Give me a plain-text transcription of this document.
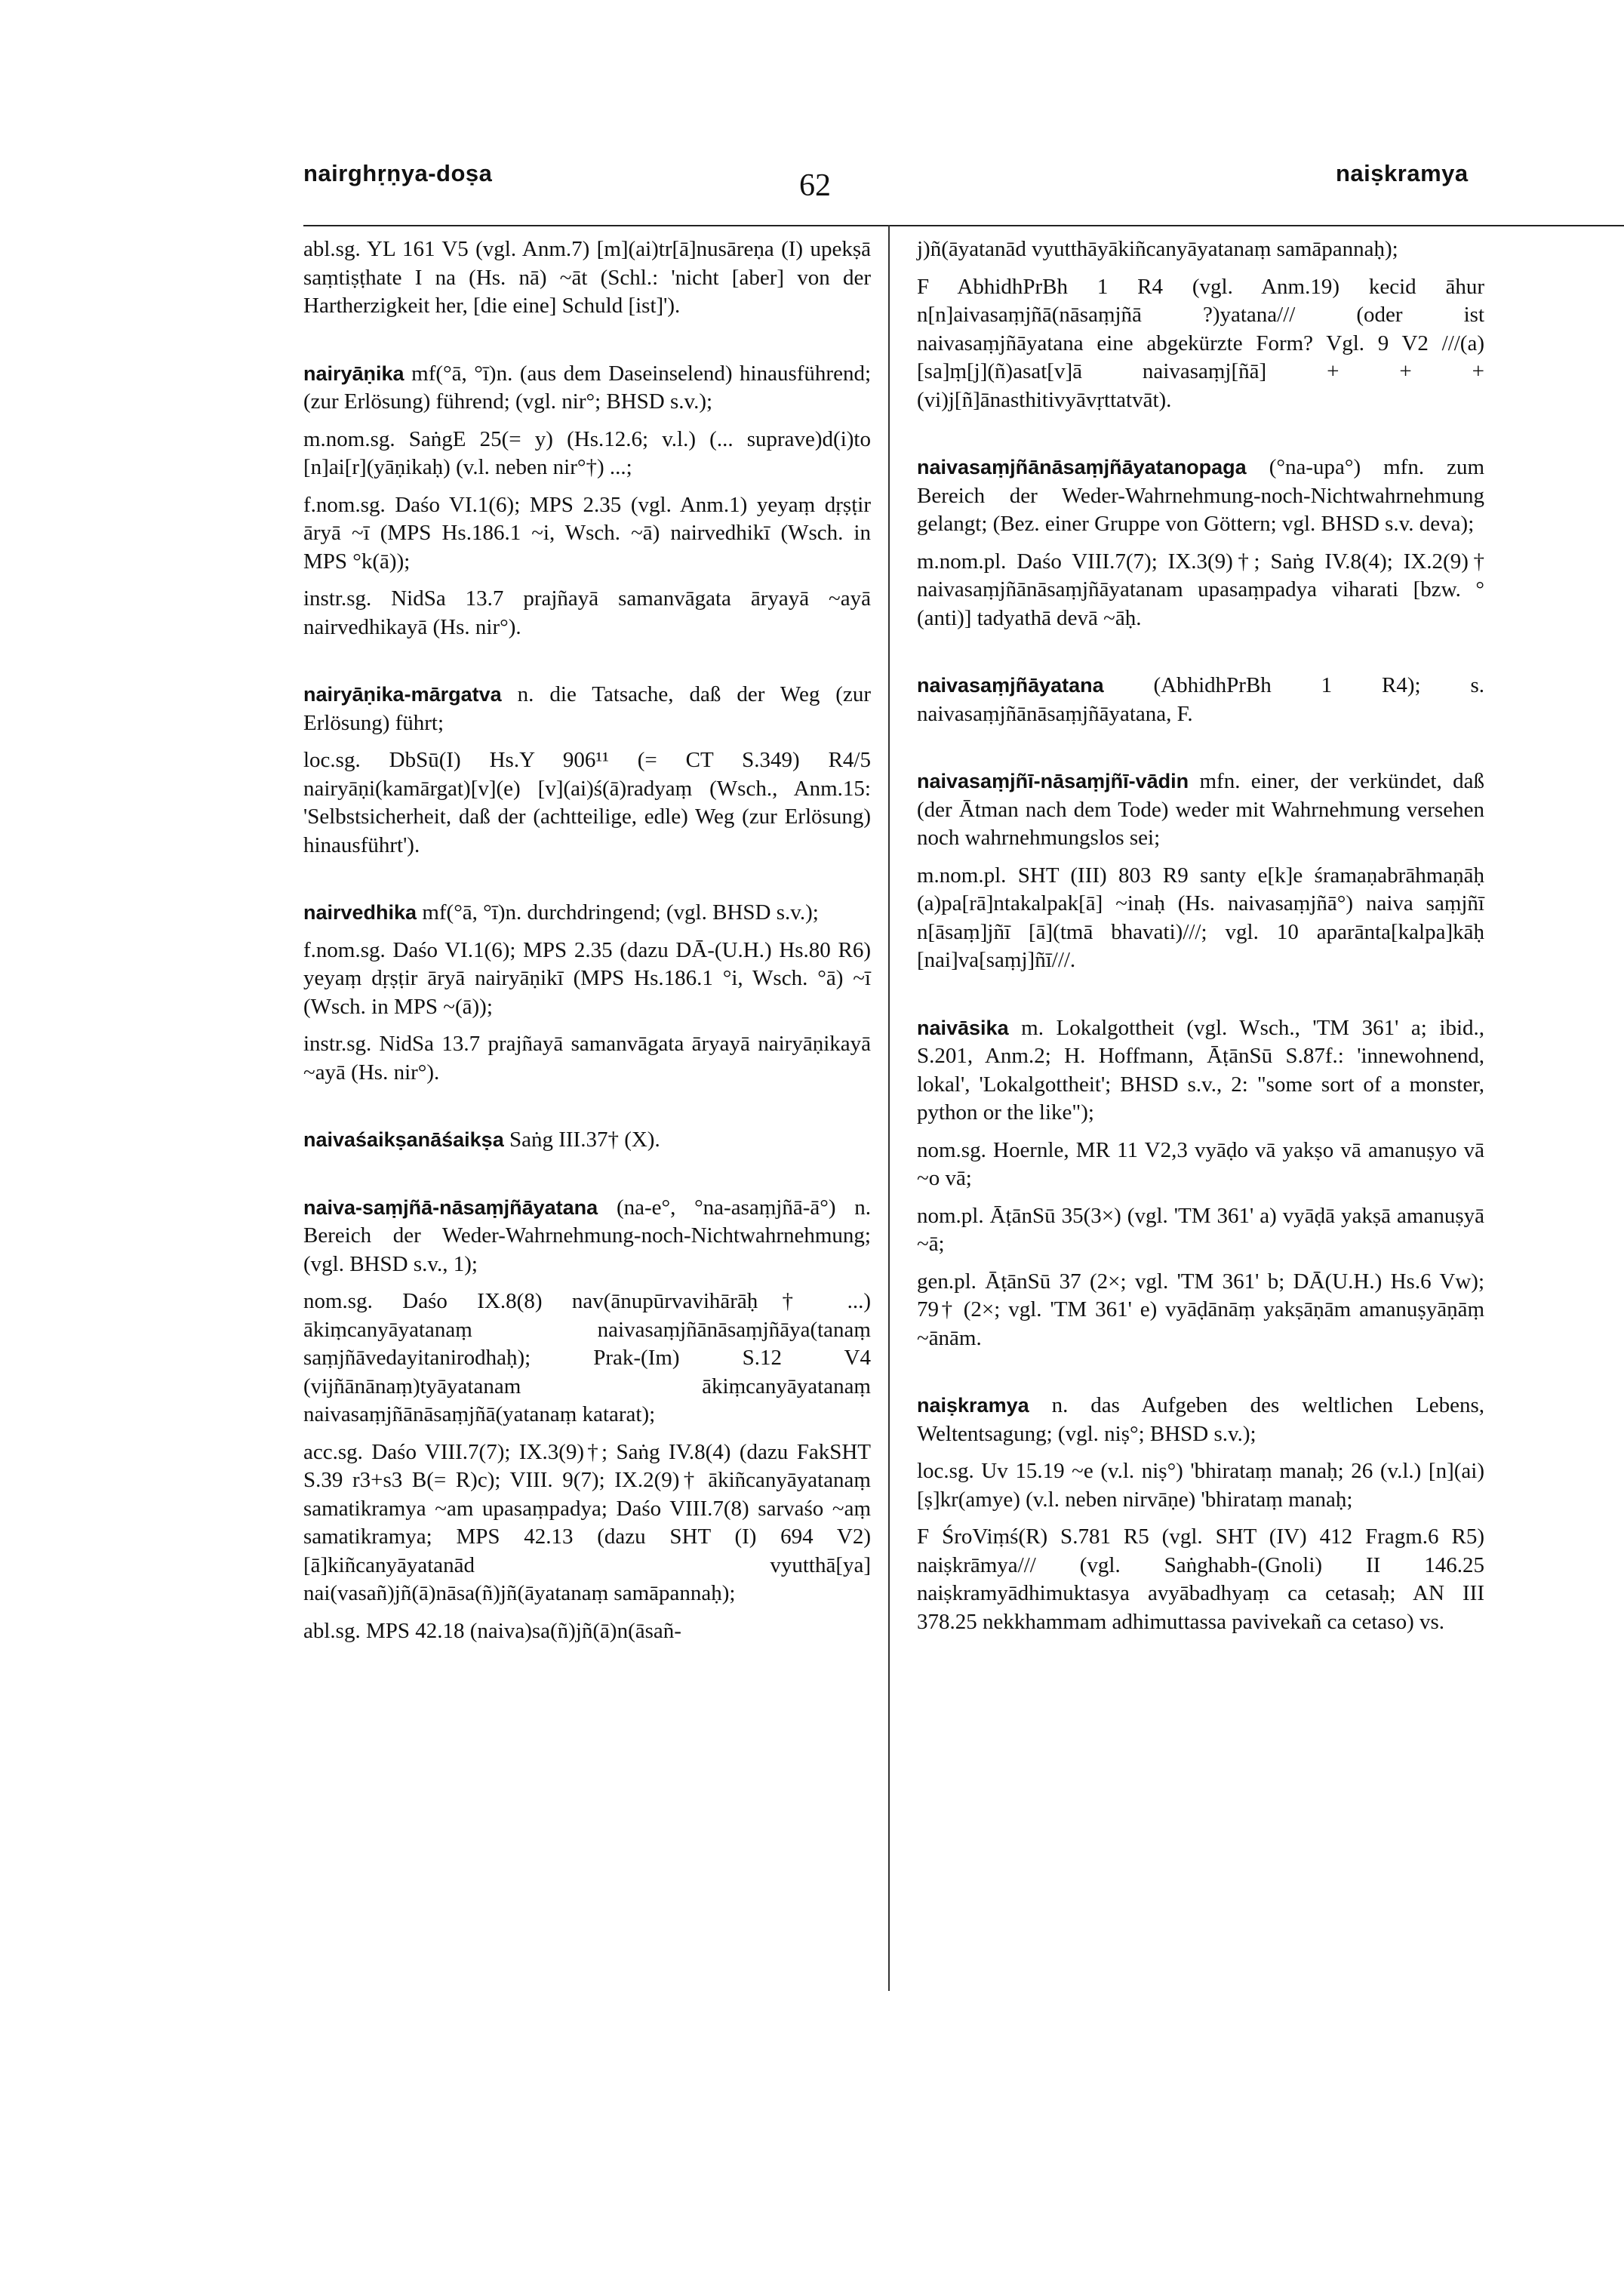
nairghṛṇya-doṣa	62	naiṣkramya

abl.sg. YL 161 V5 (vgl. Anm.7) [m](ai)tr[ā]nusāreṇa (I) upekṣā saṃtiṣṭhate I na (Hs. nā) ~āt (Schl.: 'nicht [aber] von der Hartherzigkeit her, [die eine] Schuld [ist]').

nairyāṇika mf(°ā, °ī)n. (aus dem Daseinselend) hinausführend; (zur Erlösung) führend; (vgl. nir°; BHSD s.v.);

m.nom.sg. SaṅgE 25(= y) (Hs.12.6; v.l.) (... suprave)d(i)to [n]ai[r](yāṇikaḥ) (v.l. neben nir°†) ...;

f.nom.sg. Daśo VI.1(6); MPS 2.35 (vgl. Anm.1) yeyaṃ dṛṣṭir āryā ~ī (MPS Hs.186.1 ~i, Wsch. ~ā) nairvedhikī (Wsch. in MPS °k(ā));

instr.sg. NidSa 13.7 prajñayā samanvāgata āryayā ~ayā nairvedhikayā (Hs. nir°).

nairyāṇika-mārgatva n. die Tatsache, daß der Weg (zur Erlösung) führt;

loc.sg. DbSū(I) Hs.Y 906¹¹ (= CT S.349) R4/5 nairyāṇi(kamārgat)[v](e) [v](ai)ś(ā)radyaṃ (Wsch., Anm.15: 'Selbstsicherheit, daß der (achtteilige, edle) Weg (zur Erlösung) hinausführt').

nairvedhika mf(°ā, °ī)n. durchdringend; (vgl. BHSD s.v.);

f.nom.sg. Daśo VI.1(6); MPS 2.35 (dazu DĀ-(U.H.) Hs.80 R6) yeyaṃ dṛṣṭir āryā nairyāṇikī (MPS Hs.186.1 °i, Wsch. °ā) ~ī (Wsch. in MPS ~(ā));

instr.sg. NidSa 13.7 prajñayā samanvāgata āryayā nairyāṇikayā ~ayā (Hs. nir°).

naivaśaikṣanāśaikṣa Saṅg III.37† (X).

naiva-saṃjñā-nāsaṃjñāyatana (na-e°, °na-asaṃjñā-ā°) n. Bereich der Weder-Wahrnehmung-noch-Nichtwahrnehmung; (vgl. BHSD s.v., 1);

nom.sg. Daśo IX.8(8) nav(ānupūrvavihārāḥ† ...) ākiṃcanyāyatanaṃ naivasaṃjñānāsaṃjñāya(tanaṃ saṃjñāvedayitanirodhaḥ); Prak-(Im) S.12 V4 (vijñānānaṃ)tyāyatanam ākiṃcanyāyatanaṃ naivasaṃjñānāsaṃjñā(yatanaṃ katarat);

acc.sg. Daśo VIII.7(7); IX.3(9)†; Saṅg IV.8(4) (dazu FakSHT S.39 r3+s3 B(= R)c); VIII. 9(7); IX.2(9)† ākiñcanyāyatanaṃ samatikramya ~am upasaṃpadya; Daśo VIII.7(8) sarvaśo ~aṃ samatikramya; MPS 42.13 (dazu SHT (I) 694 V2) [ā]kiñcanyāyatanād vyutthā[ya] nai(vasañ)jñ(ā)nāsa(ñ)jñ(āyatanaṃ samāpannaḥ);

abl.sg. MPS 42.18 (naiva)sa(ñ)jñ(ā)n(āsañ-

j)ñ(āyatanād vyutthāyākiñcanyāyatanaṃ samāpannaḥ);

F AbhidhPrBh 1 R4 (vgl. Anm.19) kecid āhur n[n]aivasaṃjñā(nāsaṃjñā ?)yatana/// (oder ist naivasaṃjñāyatana eine abgekürzte Form? Vgl. 9 V2 ///(a)[sa]ṃ[j](ñ)asat[v]ā naivasaṃj[ñā] + + + (vi)j[ñ]ānasthitivyāvṛttatvāt).

naivasaṃjñānāsaṃjñāyatanopaga (°na-upa°) mfn. zum Bereich der Weder-Wahrnehmung-noch-Nichtwahrnehmung gelangt; (Bez. einer Gruppe von Göttern; vgl. BHSD s.v. deva);

m.nom.pl. Daśo VIII.7(7); IX.3(9)†; Saṅg IV.8(4); IX.2(9)† naivasaṃjñānāsaṃjñāyatanam upasaṃpadya viharati [bzw. °(anti)] tadyathā devā ~āḥ.

naivasaṃjñāyatana (AbhidhPrBh 1 R4); s. naivasaṃjñānāsaṃjñāyatana, F.

naivasaṃjñī-nāsaṃjñī-vādin mfn. einer, der verkündet, daß (der Ātman nach dem Tode) weder mit Wahrnehmung versehen noch wahrnehmungslos sei;

m.nom.pl. SHT (III) 803 R9 santy e[k]e śramaṇabrāhmaṇāḥ (a)pa[rā]ntakalpak[ā] ~inaḥ (Hs. naivasaṃjñā°) naiva saṃjñī n[āsaṃ]jñī [ā](tmā bhavati)///; vgl. 10 aparānta[kalpa]kāḥ [nai]va[saṃj]ñī///.

naivāsika m. Lokalgottheit (vgl. Wsch., 'TM 361' a; ibid., S.201, Anm.2; H. Hoffmann, ĀṭānSū S.87f.: 'innewohnend, lokal', 'Lokalgottheit'; BHSD s.v., 2: "some sort of a monster, python or the like");

nom.sg. Hoernle, MR 11 V2,3 vyāḍo vā yakṣo vā amanuṣyo vā ~o vā;

nom.pl. ĀṭānSū 35(3×) (vgl. 'TM 361' a) vyāḍā yakṣā amanuṣyā ~ā;

gen.pl. ĀṭānSū 37 (2×; vgl. 'TM 361' b; DĀ(U.H.) Hs.6 Vw); 79† (2×; vgl. 'TM 361' e) vyāḍānāṃ yakṣāṇām amanuṣyāṇāṃ ~ānām.

naiṣkramya n. das Aufgeben des weltlichen Lebens, Weltentsagung; (vgl. niṣ°; BHSD s.v.);

loc.sg. Uv 15.19 ~e (v.l. niṣ°) 'bhirataṃ manaḥ; 26 (v.l.) [n](ai)[ṣ]kr(amye) (v.l. neben nirvāṇe) 'bhirataṃ manaḥ;

F ŚroViṃś(R) S.781 R5 (vgl. SHT (IV) 412 Fragm.6 R5) naiṣkrāmya/// (vgl. Saṅghabh-(Gnoli) II 146.25 naiṣkramyādhimuktasya avyābadhyaṃ ca cetasaḥ; AN III 378.25 nekkhammam adhimuttassa pavivekañ ca cetaso) vs.
